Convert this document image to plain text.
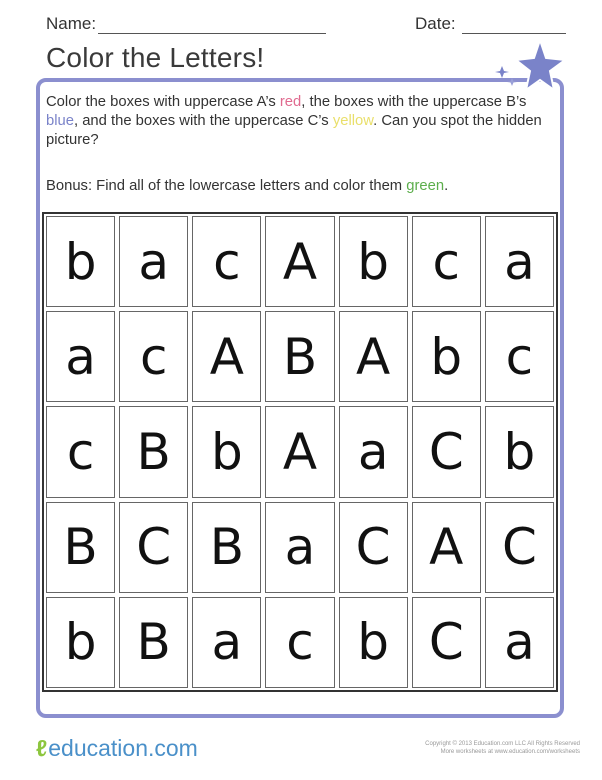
Name:	Date:
Color the Letters!

Color the boxes with uppercase A’s red, the boxes with the uppercase B’s blue, and the boxes with the uppercase C’s yellow. Can you spot the hidden picture?

Bonus: Find all of the lowercase letters and color them green.

b a c A b c a
a c A B A b c
c B b A a C b
B C B a C A C
b B a c b C a
ℓeducation.com	Copyright © 2013 Education.com LLC All Rights Reserved
More worksheets at www.education.com/worksheets
